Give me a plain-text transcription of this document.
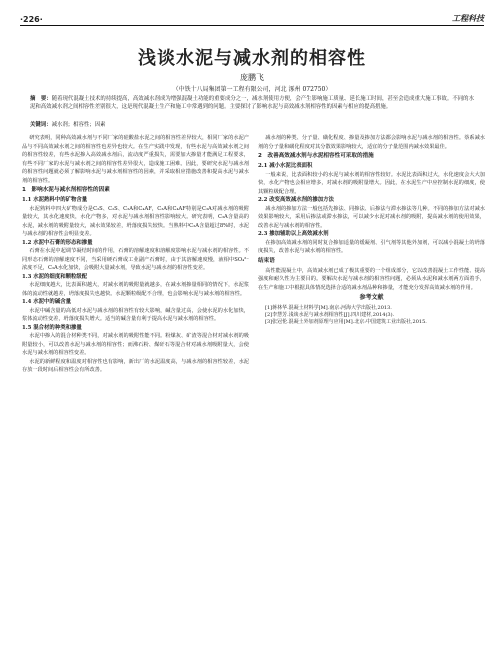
·226·	工程科技
浅谈水泥与减水剂的相容性
庞鹏飞
（中铁十八局集团第一工程有限公司，河北 涿州 072750）
摘　要：随着现代混凝土技术的持续提高，高效减水剂成为增强混凝土功能的重要成分之一，减水剂使用方便，会产生影响施工质量、延长施工时间，甚至会造成重大施工事故。不同的水泥和高效减水剂之间相容性差别很大，这是现代混凝土生产和施工中常遇到的问题。主要探讨了影响水泥与高效减水剂相容性的因素与相应的提高措施。
关键词：减水剂；相容性；因素

研究表明，同种高效减水剂与不同厂家的硅酸盐水泥之间的相容性差异较大，相同厂家的水泥产品与不同高效减水剂之间的相容性也差异也较大。在生产实践中发现，有些水泥与高效减水剂之间的相容性较差，有些水泥掺入高效减水剂后，流动度严重损失，需要加大掺量才能满足工程要求，有些不同厂家的水泥与减水剂之间的相容性差异很大，造成施工困难。因此，要研究水泥与减水剂的相容性问题就必须了解影响水泥与减水剂相容性的因素，并采取相应措施改善和提高水泥与减水剂的相容性。

1　影响水泥与减水剂相容性的因素
1.1 水泥熟料中的矿物含量

水泥熟料中四大矿物成分是C₃S、C₂S、C₃A和C₄AF，C₃A和C₄AF特别是C₃A对减水剂的吸附量较大，其水化速度快，水化产物多，对水泥与减水剂相容性影响较大。研究表明，C₃A含量高的水泥，减水剂的吸附量较大，减水效果较差，坍落度损失较快。当熟料中C₃A含量超过8%时，水泥与减水剂的相容性会明显变差。

1.2 水泥中石膏的形态和掺量

石膏在水泥中起调节凝结时间的作用，石膏的溶解速度和溶解度影响水泥与减水剂的相容性。不同形态石膏的溶解速度不同，当采用硬石膏或工业副产石膏时，由于其溶解速度慢，液相中SO₄²⁻浓度不足，C₃A水化加快，会吸附大量减水剂，导致水泥与减水剂的相容性变差。

1.3 水泥的细度和颗粒级配

水泥细度越大，比表面积越大，对减水剂的吸附量就越多，在减水剂掺量相同的情况下，水泥浆体的流动性就越差，坍落度损失也越快。水泥颗粒级配不合理，也会影响水泥与减水剂的相容性。

1.4 水泥中的碱含量

水泥中碱含量的高低对水泥与减水剂的相容性有较大影响，碱含量过高，会使水泥的水化加快，浆体流动性变差，坍落度损失增大。适当的碱含量有利于提高水泥与减水剂的相容性。

1.5 混合材的种类和掺量

水泥中掺入的混合材种类不同，对减水剂的吸附性能不同。粉煤灰、矿渣等混合材对减水剂的吸附量较小，可以改善水泥与减水剂的相容性；而沸石粉、煤矸石等混合材对减水剂吸附量大，会使水泥与减水剂的相容性变差。

水泥的新鲜程度和温度对相容性也有影响，新出厂的水泥温度高，与减水剂的相容性较差，水泥存放一段时间后相容性会有所改善。

减水剂的种类、分子量、磺化程度、掺量及掺加方法都会影响水泥与减水剂的相容性。萘系减水剂的分子量和磺化程度对其分散效果影响较大，适宜的分子量范围内减水效果最佳。

2　改善高效减水剂与水泥相容性可采取的措施
2.1 减小水泥比表面积

一般来说，比表面积较小的水泥与减水剂的相容性较好。水泥比表面积过大，水化速度会大大加快，水化产物也会相应增多，对减水剂的吸附量增大。因此，在水泥生产中应控制水泥的细度，使其颗粒级配合理。

2.2 改变高效减水剂的掺加方法

减水剂的掺加方法一般包括先掺法、同掺法、后掺法与滞水掺法等几种。不同的掺加方法对减水效果影响较大，采用后掺法或滞水掺法，可以减少水泥对减水剂的吸附，提高减水剂的使用效果，改善水泥与减水剂的相容性。

2.3 掺加辅助以上高效减水剂

在掺加高效减水剂的同时复合掺加适量的缓凝剂、引气剂等其他外加剂，可以减小混凝土的坍落度损失，改善水泥与减水剂的相容性。

结束语

高性能混凝土中，高效减水剂已成了极其重要的一个组成部分，它以改善混凝土工作性能、提高强度和耐久性为主要目的。要解决水泥与减水剂的相容性问题，必须从水泥和减水剂两方面着手，在生产和施工中根据具体情况选择合适的减水剂品种和掺量，才能充分发挥高效减水剂的作用。

参考文献

[1]蒋林华.混凝土材料学[M].南京:河海大学出版社,2013.

[2]李慧芳.浅谈水泥与减水剂相容性[J].四川建材,2014(3).

[3]张冠伦.混凝土外加剂原理与应用[M].北京:中国建筑工业出版社,2015.
